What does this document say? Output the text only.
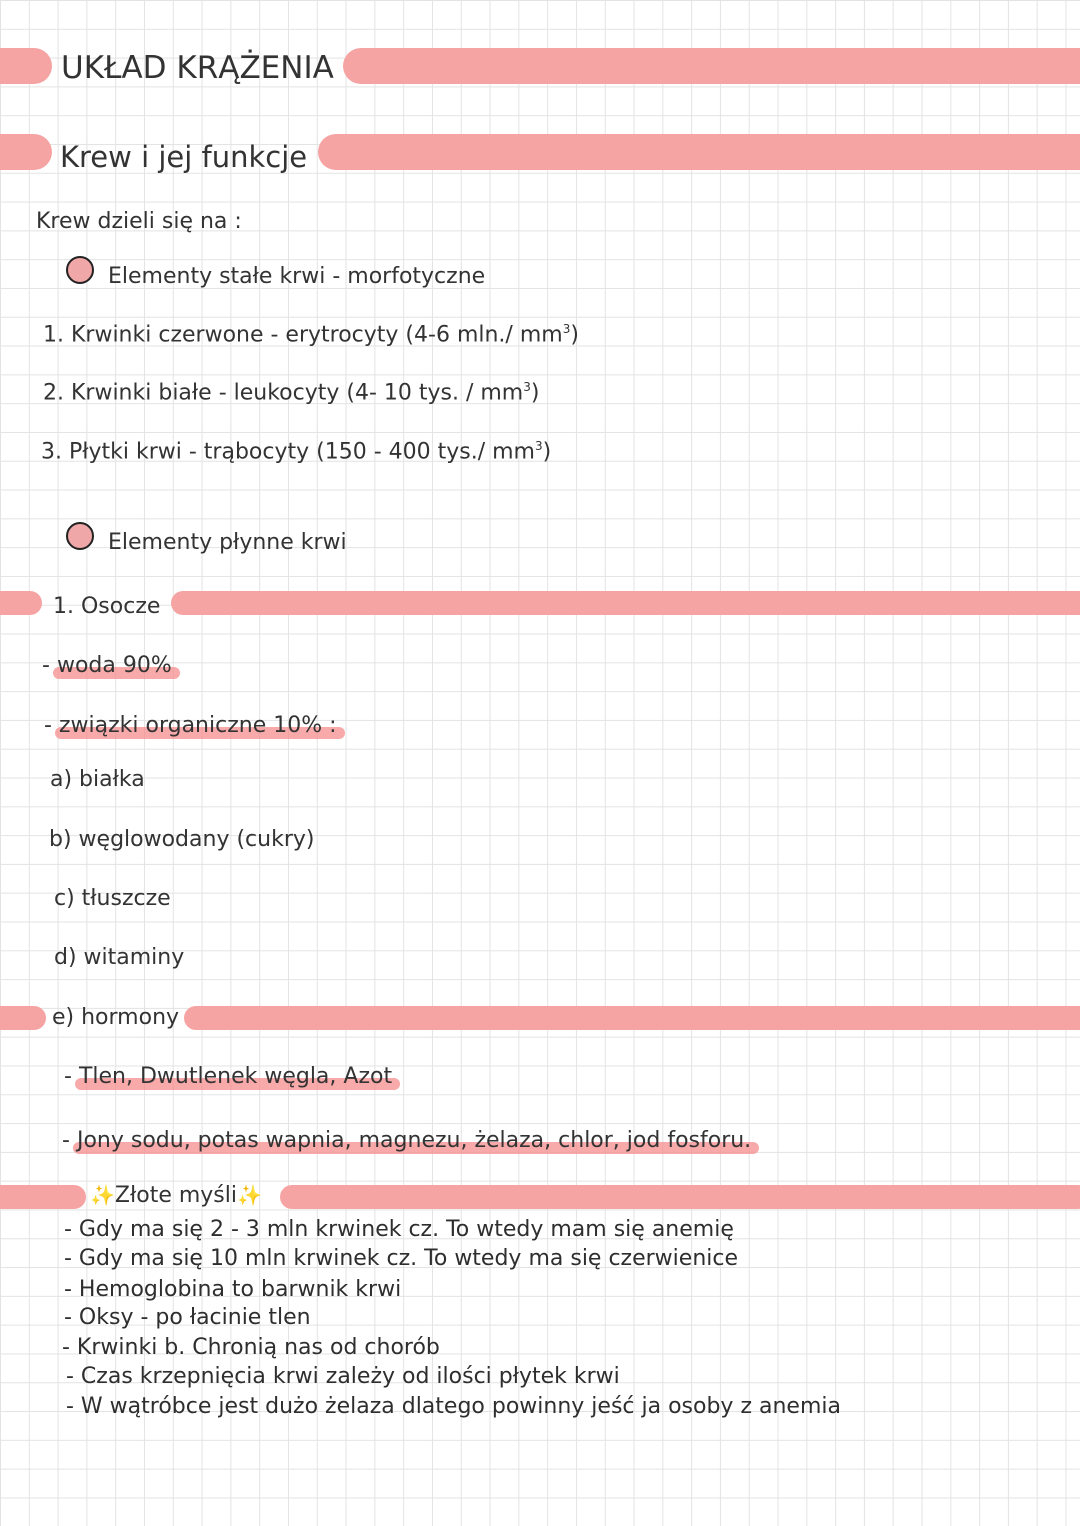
UKŁAD KRĄŻENIA
Krew i jej funkcje
Krew dzieli się na :
Elementy stałe krwi - morfotyczne
1. Krwinki czerwone - erytrocyty (4-6 mln./ $mm^3$)
2. Krwinki białe - leukocyty (4- 10 tys. / $mm^3$)
3. Płytki krwi - trąbocyty (150 - 400 tys./ $mm^3$)
Elementy płynne krwi
1. Osocze
- woda 90%
- związki organiczne 10% :
a) białka
b) węglowodany (cukry)
c) tłuszcze
d) witaminy
e) hormony
- Tlen, Dwutlenek węgla, Azot
- Jony sodu, potas wapnia, magnezu, żelaza, chlor, jod fosforu.
✨Złote myśli✨
- Gdy ma się 2 - 3 mln krwinek cz. To wtedy mam się anemię
- Gdy ma się 10 mln krwinek cz. To wtedy ma się czerwienice
- Hemoglobina to barwnik krwi
- Oksy - po łacinie tlen
- Krwinki b. Chronią nas od chorób
- Czas krzepnięcia krwi zależy od ilości płytek krwi
- W wątróbce jest dużo żelaza dlatego powinny jeść ja osoby z anemia
